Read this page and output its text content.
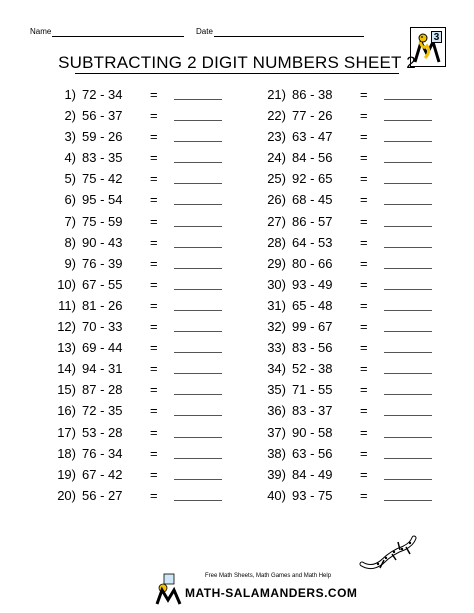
Name	Date
3
SUBTRACTING 2 DIGIT NUMBERS SHEET 2
1) 72 - 34 =
2) 56 - 37 =
3) 59 - 26 =
4) 83 - 35 =
5) 75 - 42 =
6) 95 - 54 =
7) 75 - 59 =
8) 90 - 43 =
9) 76 - 39 =
10) 67 - 55 =
11) 81 - 26 =
12) 70 - 33 =
13) 69 - 44 =
14) 94 - 31 =
15) 87 - 28 =
16) 72 - 35 =
17) 53 - 28 =
18) 76 - 34 =
19) 67 - 42 =
20) 56 - 27 =
21) 86 - 38 =
22) 77 - 26 =
23) 63 - 47 =
24) 84 - 56 =
25) 92 - 65 =
26) 68 - 45 =
27) 86 - 57 =
28) 64 - 53 =
29) 80 - 66 =
30) 93 - 49 =
31) 65 - 48 =
32) 99 - 67 =
33) 83 - 56 =
34) 52 - 38 =
35) 71 - 55 =
36) 83 - 37 =
37) 90 - 58 =
38) 63 - 56 =
39) 84 - 49 =
40) 93 - 75 =
Free Math Sheets, Math Games and Math Help
MATH-SALAMANDERS.COM
